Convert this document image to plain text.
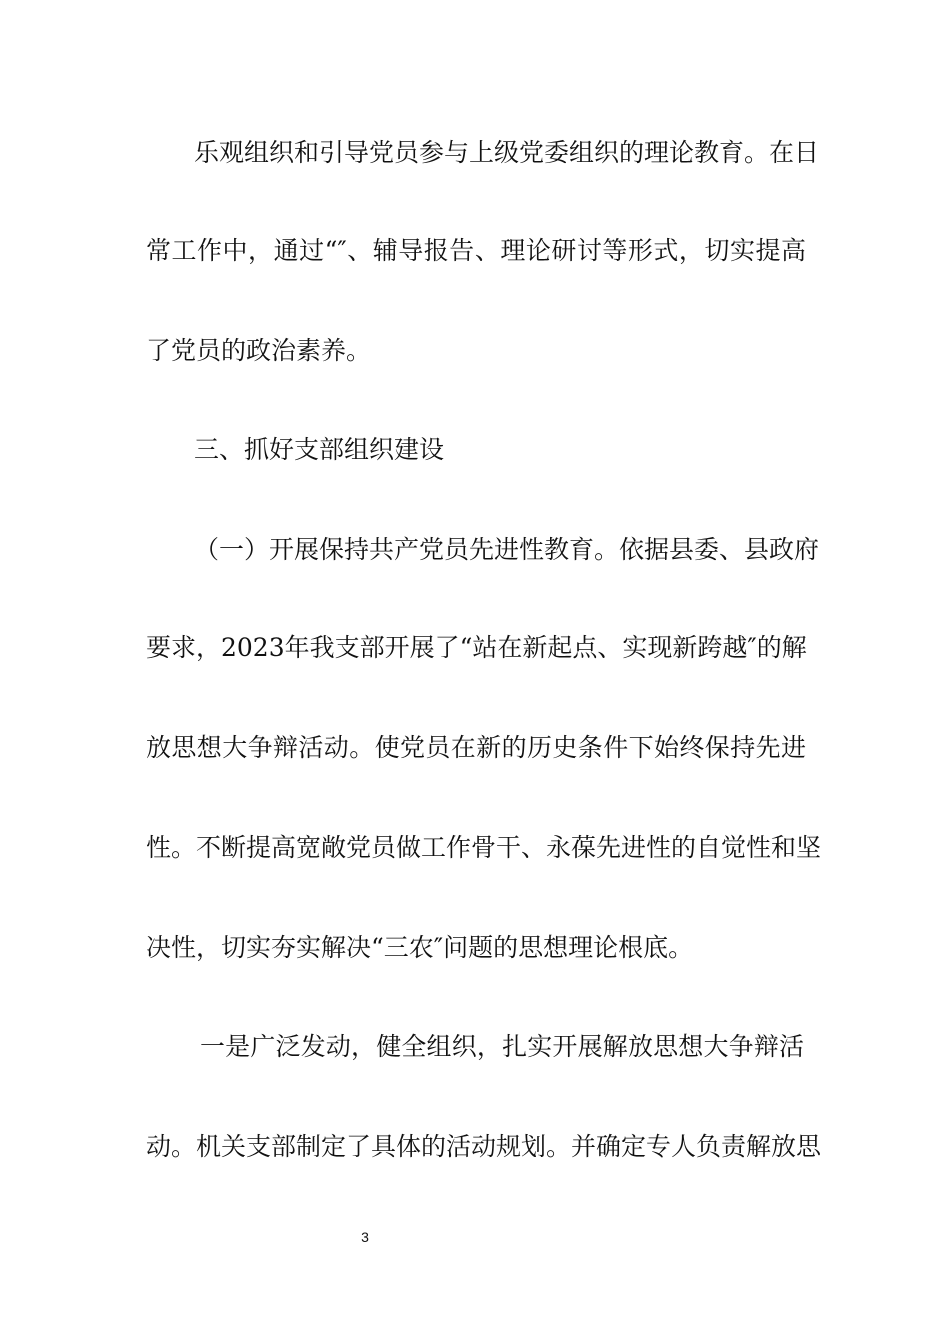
乐观组织和引导党员参与上级党委组织的理论教育。在日
常工作中，通过“″、辅导报告、理论研讨等形式，切实提高
了党员的政治素养。
三、抓好支部组织建设
（一）开展保持共产党员先进性教育。依据县委、县政府
要求，2023年我支部开展了“站在新起点、实现新跨越″的解
放思想大争辩活动。使党员在新的历史条件下始终保持先进
性。不断提高宽敞党员做工作骨干、永葆先进性的自觉性和坚
决性，切实夯实解决“三农″问题的思想理论根底。
一是广泛发动，健全组织，扎实开展解放思想大争辩活
动。机关支部制定了具体的活动规划。并确定专人负责解放思
3
